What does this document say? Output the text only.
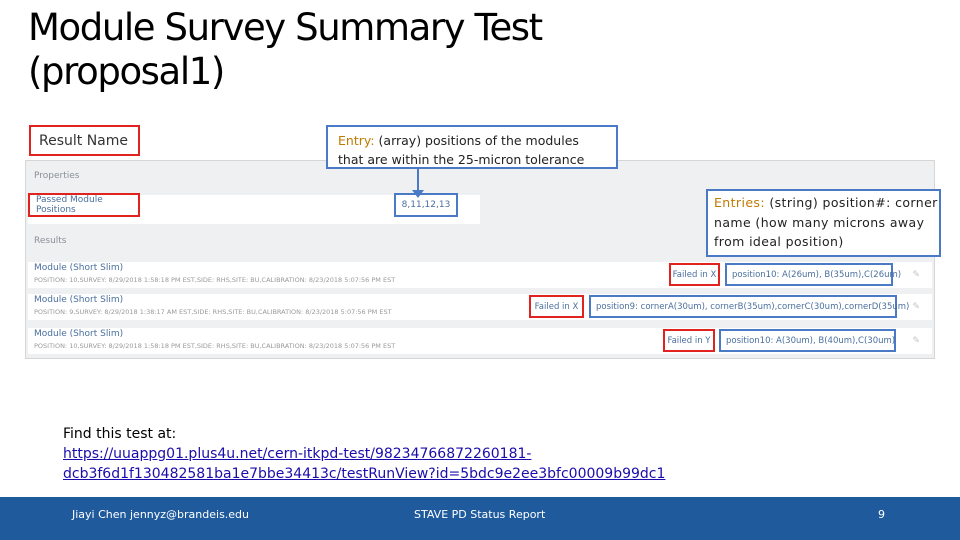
Module Survey Summary Test
(proposal1)
Properties
Passed Module Positions	8,11,12,13
Results
Module (Short Slim)
POSITION: 10,SURVEY: 8/29/2018 1:58:18 PM EST,SIDE: RHS,SITE: BU,CALIBRATION: 8/23/2018 5:07:56 PM EST
Failed in X	position10: A(26um), B(35um),C(26um) ✎
Module (Short Slim)
POSITION: 9,SURVEY: 8/29/2018 1:38:17 AM EST,SIDE: RHS,SITE: BU,CALIBRATION: 8/23/2018 5:07:56 PM EST
Failed in X	position9: cornerA(30um), cornerB(35um),cornerC(30um),cornerD(35um) ✎
Module (Short Slim)
POSITION: 10,SURVEY: 8/29/2018 1:58:18 PM EST,SIDE: RHS,SITE: BU,CALIBRATION: 8/23/2018 5:07:56 PM EST
Failed in Y	position10: A(30um), B(40um),C(30um) ✎
Result Name	Entry: (array) positions of the modules
that are within the 25-micron tolerance
Entries: (string) position#: corner
name (how many microns away
from ideal position)
Find this test at:
https://uuappg01.plus4u.net/cern-itkpd-test/98234766872260181-
dcb3f6d1f130482581ba1e7bbe34413c/testRunView?id=5bdc9e2ee3bfc00009b99dc1
Jiayi Chen jennyz@brandeis.edu	STAVE PD Status Report	9
